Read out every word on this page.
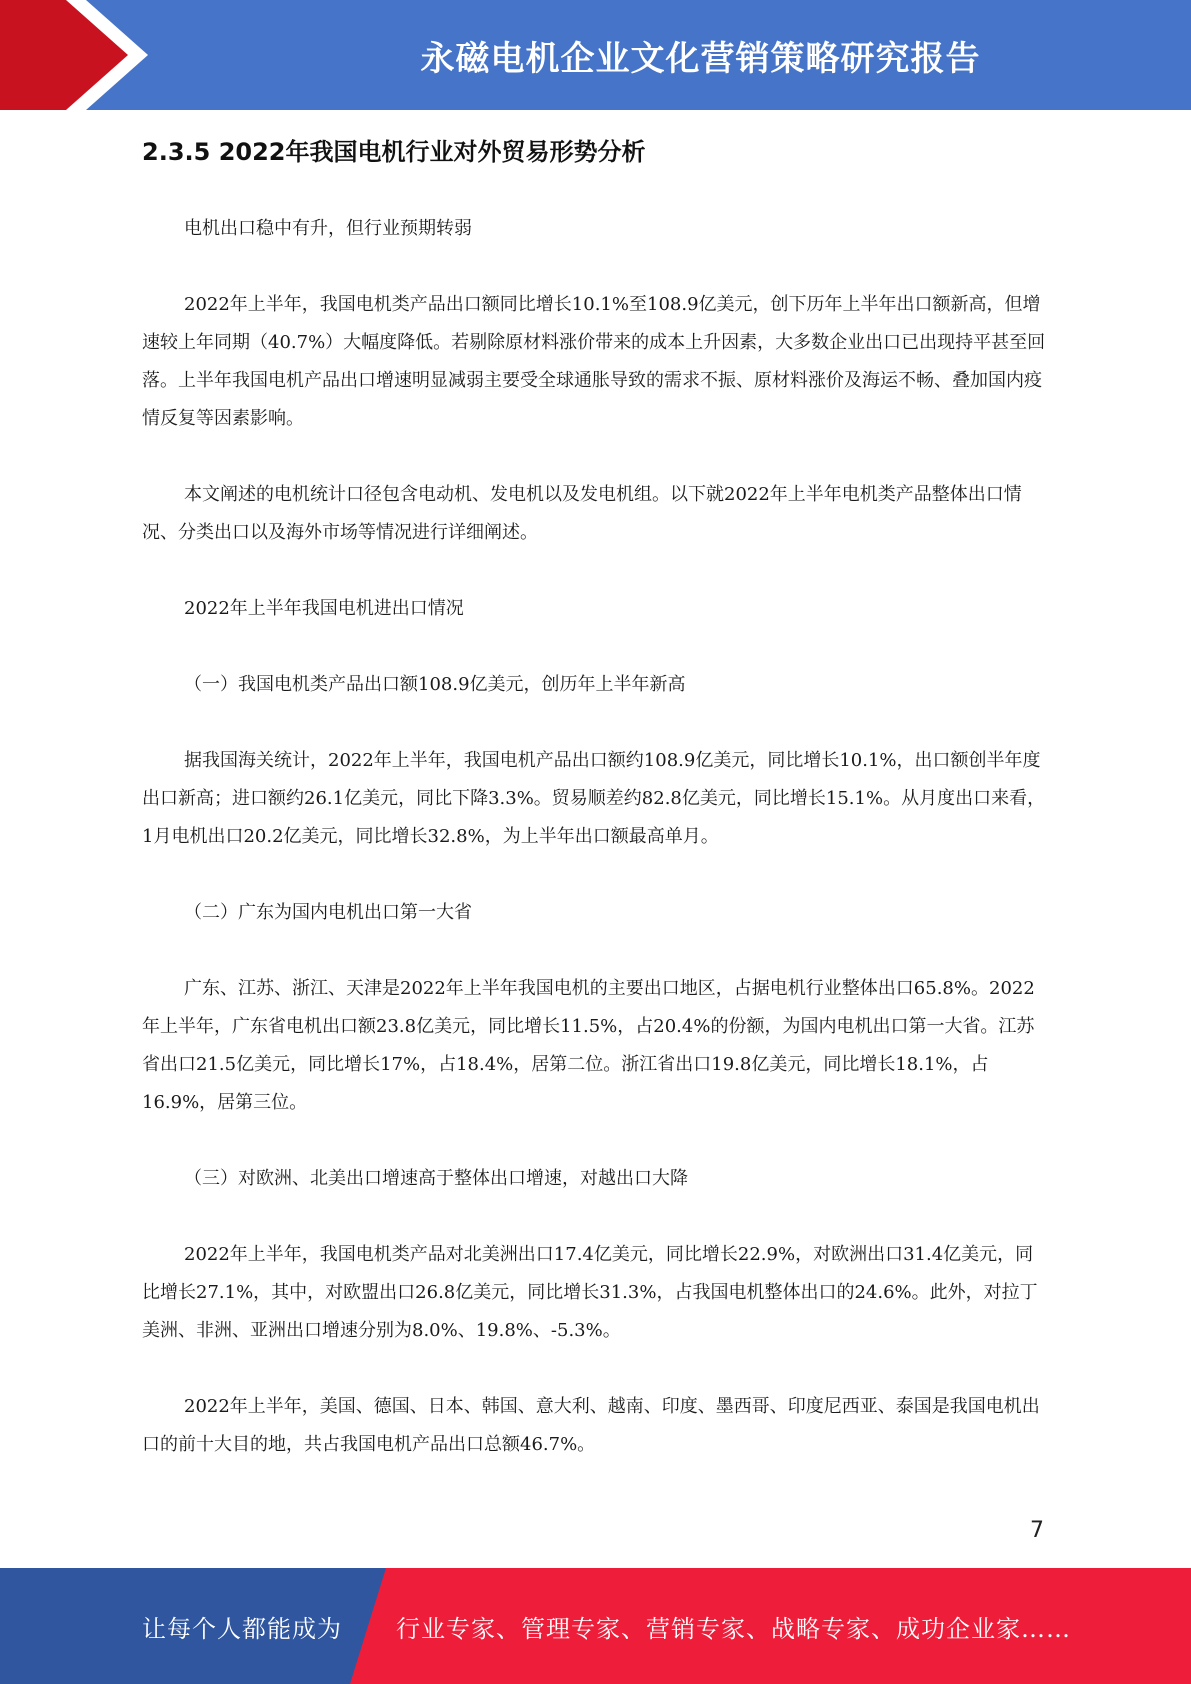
永磁电机企业文化营销策略研究报告
2.3.5 2022年我国电机行业对外贸易形势分析

电机出口稳中有升，但行业预期转弱

2022年上半年，我国电机类产品出口额同比增长10.1%至108.9亿美元，创下历年上半年出口额新高，但增速较上年同期（40.7%）大幅度降低。若剔除原材料涨价带来的成本上升因素，大多数企业出口已出现持平甚至回落。上半年我国电机产品出口增速明显减弱主要受全球通胀导致的需求不振、原材料涨价及海运不畅、叠加国内疫情反复等因素影响。

本文阐述的电机统计口径包含电动机、发电机以及发电机组。以下就2022年上半年电机类产品整体出口情况、分类出口以及海外市场等情况进行详细阐述。

2022年上半年我国电机进出口情况

（一）我国电机类产品出口额108.9亿美元，创历年上半年新高

据我国海关统计，2022年上半年，我国电机产品出口额约108.9亿美元，同比增长10.1%，出口额创半年度出口新高；进口额约26.1亿美元，同比下降3.3%。贸易顺差约82.8亿美元，同比增长15.1%。从月度出口来看，1月电机出口20.2亿美元，同比增长32.8%，为上半年出口额最高单月。

（二）广东为国内电机出口第一大省

广东、江苏、浙江、天津是2022年上半年我国电机的主要出口地区，占据电机行业整体出口65.8%。2022年上半年，广东省电机出口额23.8亿美元，同比增长11.5%，占20.4%的份额，为国内电机出口第一大省。江苏省出口21.5亿美元，同比增长17%，占18.4%，居第二位。浙江省出口19.8亿美元，同比增长18.1%，占16.9%，居第三位。

（三）对欧洲、北美出口增速高于整体出口增速，对越出口大降

2022年上半年，我国电机类产品对北美洲出口17.4亿美元，同比增长22.9%，对欧洲出口31.4亿美元，同比增长27.1%，其中，对欧盟出口26.8亿美元，同比增长31.3%，占我国电机整体出口的24.6%。此外，对拉丁美洲、非洲、亚洲出口增速分别为8.0%、19.8%、-5.3%。

2022年上半年，美国、德国、日本、韩国、意大利、越南、印度、墨西哥、印度尼西亚、泰国是我国电机出口的前十大目的地，共占我国电机产品出口总额46.7%。

7
让每个人都能成为 行业专家、管理专家、营销专家、战略专家、成功企业家……
